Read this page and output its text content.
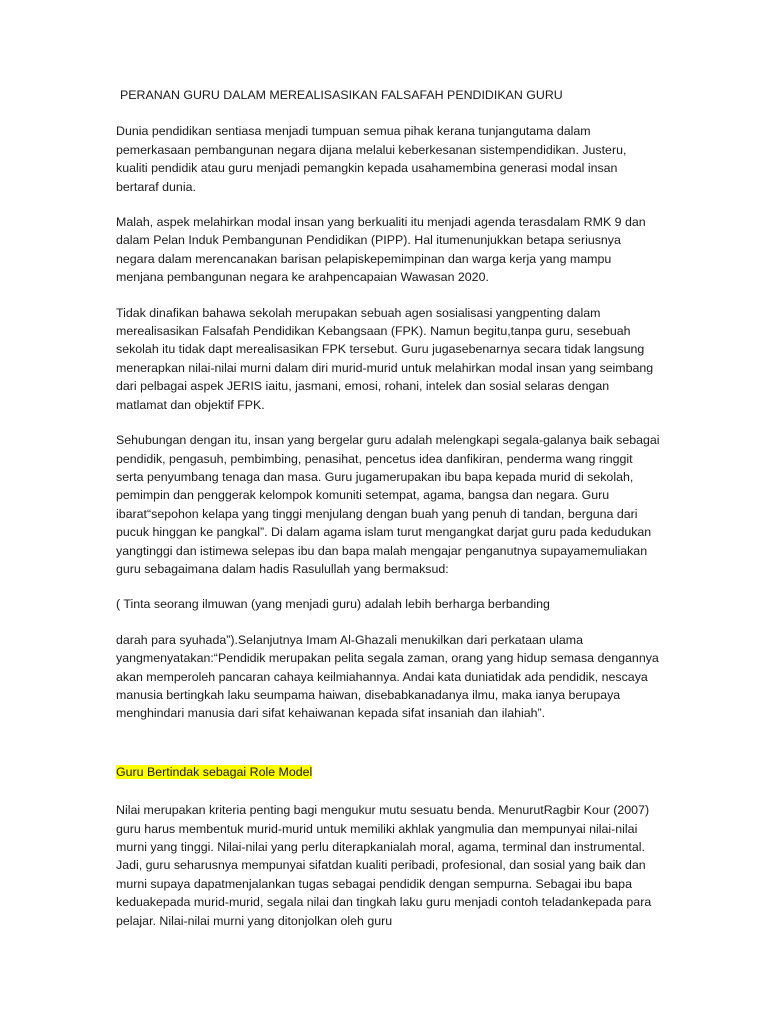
PERANAN GURU DALAM MEREALISASIKAN FALSAFAH PENDIDIKAN GURU

Dunia pendidikan sentiasa menjadi tumpuan semua pihak kerana tunjangutama dalam pemerkasaan pembangunan negara dijana melalui keberkesanan sistempendidikan. Justeru, kualiti pendidik atau guru menjadi pemangkin kepada usahamembina generasi modal insan bertaraf dunia.

Malah, aspek melahirkan modal insan yang berkualiti itu menjadi agenda terasdalam RMK 9 dan dalam Pelan Induk Pembangunan Pendidikan (PIPP). Hal itumenunjukkan betapa seriusnya negara dalam merencanakan barisan pelapiskepemimpinan dan warga kerja yang mampu menjana pembangunan negara ke arahpencapaian Wawasan 2020.

Tidak dinafikan bahawa sekolah merupakan sebuah agen sosialisasi yangpenting dalam merealisasikan Falsafah Pendidikan Kebangsaan (FPK). Namun begitu,tanpa guru, sesebuah sekolah itu tidak dapt merealisasikan FPK tersebut. Guru jugasebenarnya secara tidak langsung menerapkan nilai-nilai murni dalam diri murid-murid untuk melahirkan modal insan yang seimbang dari pelbagai aspek JERIS iaitu, jasmani, emosi, rohani, intelek dan sosial selaras dengan matlamat dan objektif FPK.

Sehubungan dengan itu, insan yang bergelar guru adalah melengkapi segala-galanya baik sebagai pendidik, pengasuh, pembimbing, penasihat, pencetus idea danfikiran, penderma wang ringgit serta penyumbang tenaga dan masa. Guru jugamerupakan ibu bapa kepada murid di sekolah, pemimpin dan penggerak kelompok komuniti setempat, agama, bangsa dan negara. Guru ibarat“sepohon kelapa yang tinggi menjulang dengan buah yang penuh di tandan, berguna dari pucuk hinggan ke pangkal”. Di dalam agama islam turut mengangkat darjat guru pada kedudukan yangtinggi dan istimewa selepas ibu dan bapa malah mengajar penganutnya supayamemuliakan guru sebagaimana dalam hadis Rasulullah yang bermaksud:

( Tinta seorang ilmuwan (yang menjadi guru) adalah lebih berharga berbanding

darah para syuhada”).Selanjutnya Imam Al-Ghazali menukilkan dari perkataan ulama yangmenyatakan:“Pendidik merupakan pelita segala zaman, orang yang hidup semasa dengannya akan memperoleh pancaran cahaya keilmiahannya. Andai kata duniatidak ada pendidik, nescaya manusia bertingkah laku seumpama haiwan, disebabkanadanya ilmu, maka ianya berupaya menghindari manusia dari sifat kehaiwanan kepada sifat insaniah dan ilahiah”.

Guru Bertindak sebagai Role Model

Nilai merupakan kriteria penting bagi mengukur mutu sesuatu benda. MenurutRagbir Kour (2007) guru harus membentuk murid-murid untuk memiliki akhlak yangmulia dan mempunyai nilai-nilai murni yang tinggi. Nilai-nilai yang perlu diterapkanialah moral, agama, terminal dan instrumental. Jadi, guru seharusnya mempunyai sifatdan kualiti peribadi, profesional, dan sosial yang baik dan murni supaya dapatmenjalankan tugas sebagai pendidik dengan sempurna. Sebagai ibu bapa keduakepada murid-murid, segala nilai dan tingkah laku guru menjadi contoh teladankepada para pelajar. Nilai-nilai murni yang ditonjolkan oleh guru
